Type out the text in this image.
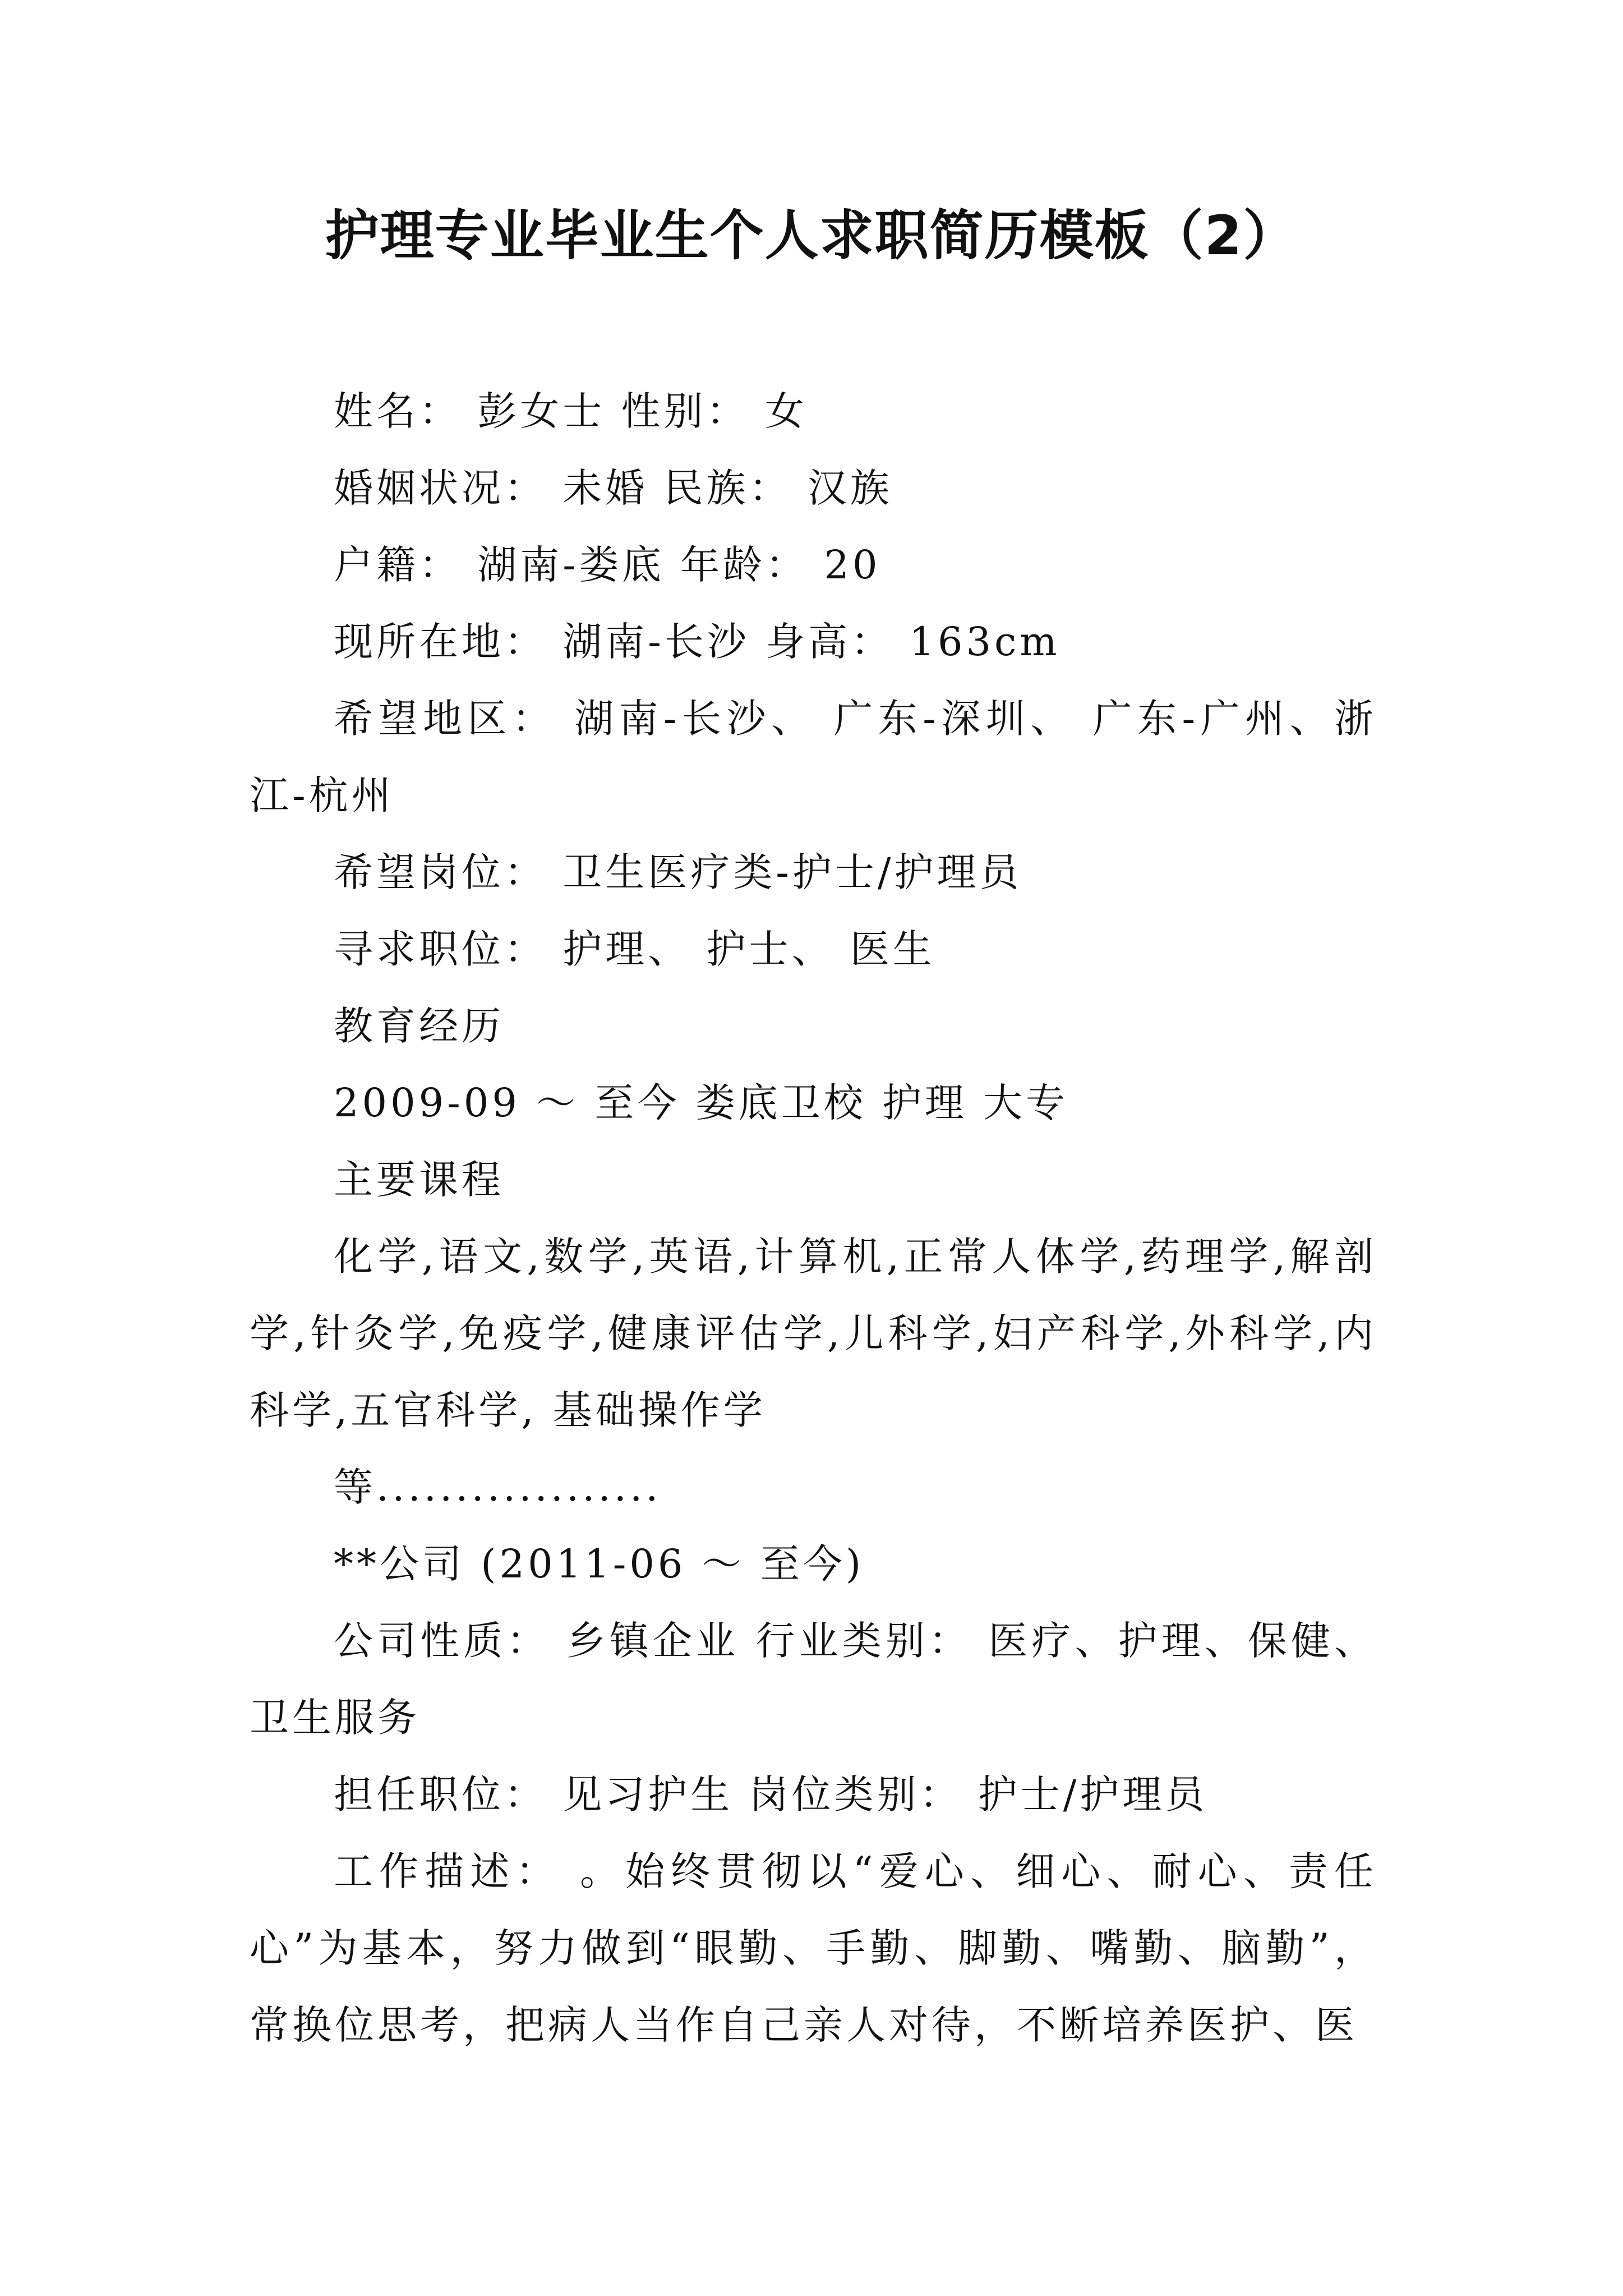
护理专业毕业生个人求职简历模板（2）

姓名： 彭女士 性别： 女

婚姻状况： 未婚 民族： 汉族

户籍： 湖南-娄底 年龄： 20

现所在地： 湖南-长沙 身高： 163cm

希望地区： 湖南-长沙、 广东-深圳、 广东-广州、浙江-杭州

希望岗位： 卫生医疗类-护士/护理员

寻求职位： 护理、 护士、 医生

教育经历

2009-09 ～ 至今 娄底卫校 护理 大专

主要课程

化学,语文,数学,英语,计算机,正常人体学,药理学,解剖学,针灸学,免疫学,健康评估学,儿科学,妇产科学,外科学,内科学,五官科学, 基础操作学

等..................

**公司 (2011-06 ～ 至今)

公司性质： 乡镇企业 行业类别： 医疗、护理、保健、卫生服务

担任职位： 见习护生 岗位类别： 护士/护理员

工作描述： 。始终贯彻以“爱心、细心、耐心、责任心”为基本，努力做到“眼勤、手勤、脚勤、嘴勤、脑勤”，常换位思考，把病人当作自己亲人对待，不断培养医护、医
